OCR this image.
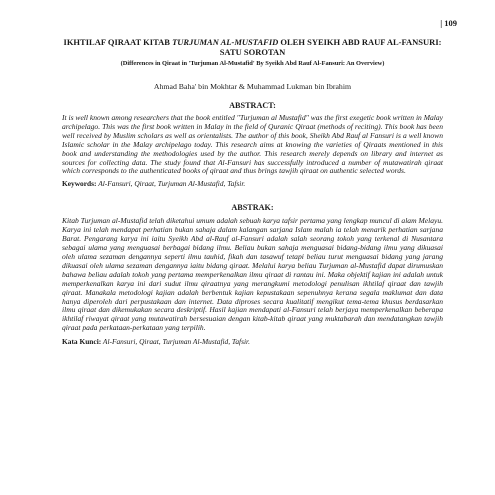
| 109
IKHTILAF QIRAAT KITAB TURJUMAN AL-MUSTAFID OLEH SYEIKH ABD RAUF AL-FANSURI: SATU SOROTAN
(Differences in Qiraat in 'Turjuman Al-Mustafid' By Syeikh Abd Rauf Al-Fansuri: An Overview)
Ahmad Baha' bin Mokhtar & Muhammad Lukman bin Ibrahim
ABSTRACT:
It is well known among researchers that the book entitled "Turjuman al Mustafid" was the first exegetic book written in Malay archipelago. This was the first book written in Malay in the field of Quranic Qiraat (methods of reciting). This book has been well received by Muslim scholars as well as orientalists. The author of this book, Sheikh Abd Rauf al Fansuri is a well known Islamic scholar in the Malay archipelago today. This research aims at knowing the varieties of Qiraats mentioned in this book and understanding the methodologies used by the author. This research merely depends on library and internet as sources for collecting data. The study found that Al-Fansuri has successfully introduced a number of mutawatirah qiraat which corresponds to the authenticated books of qiraat and thus brings tawjih qiraat on authentic selected words.
Keywords: Al-Fansuri, Qiraat, Turjuman Al-Mustafid, Tafsir.
ABSTRAK:
Kitab Turjuman al-Mustafid telah diketahui umum adalah sebuah karya tafsir pertama yang lengkap muncul di alam Melayu. Karya ini telah mendapat perhatian bukan sahaja dalam kalangan sarjana Islam malah ia telah menarik perhatian sarjana Barat. Pengarang karya ini iaitu Syeikh Abd al-Rauf al-Fansuri adalah salah seorang tokoh yang terkenal di Nusantara sebagai ulama yang menguasai berbagai bidang ilmu. Beliau bukan sahaja menguasai bidang-bidang ilmu yang dikuasai oleh ulama sezaman dengannya seperti ilmu tauhid, fikah dan tasawuf tetapi beliau turut menguasai bidang yang jarang dikuasai oleh ulama sezaman dengannya iaitu bidang qiraat. Melalui karya beliau Turjuman al-Mustafid dapat dirumuskan bahawa beliau adalah tokoh yang pertama memperkenalkan ilmu qiraat di rantau ini. Maka objektif kajian ini adalah untuk memperkenalkan karya ini dari sudut ilmu qiraatnya yang merangkumi metodologi penulisan ikhtilaf qiraat dan tawjih qiraat. Manakala metodologi kajian adalah berbentuk kajian kepustakaan sepenuhnya kerana segala maklumat dan data hanya diperoleh dari perpustakaan dan internet. Data diproses secara kualitatif mengikut tema-tema khusus berdasarkan ilmu qiraat dan dikemukakan secara deskriptif. Hasil kajian mendapati al-Fansuri telah berjaya memperkenalkan beberapa ikhtilaf riwayat qiraat yang mutawatirah bersesuaian dengan kitab-kitab qiraat yang muktabarah dan mendatangkan tawjih qiraat pada perkataan-perkataan yang terpilih.
Kata Kunci: Al-Fansuri, Qiraat, Turjuman Al-Mustafid, Tafsir.
